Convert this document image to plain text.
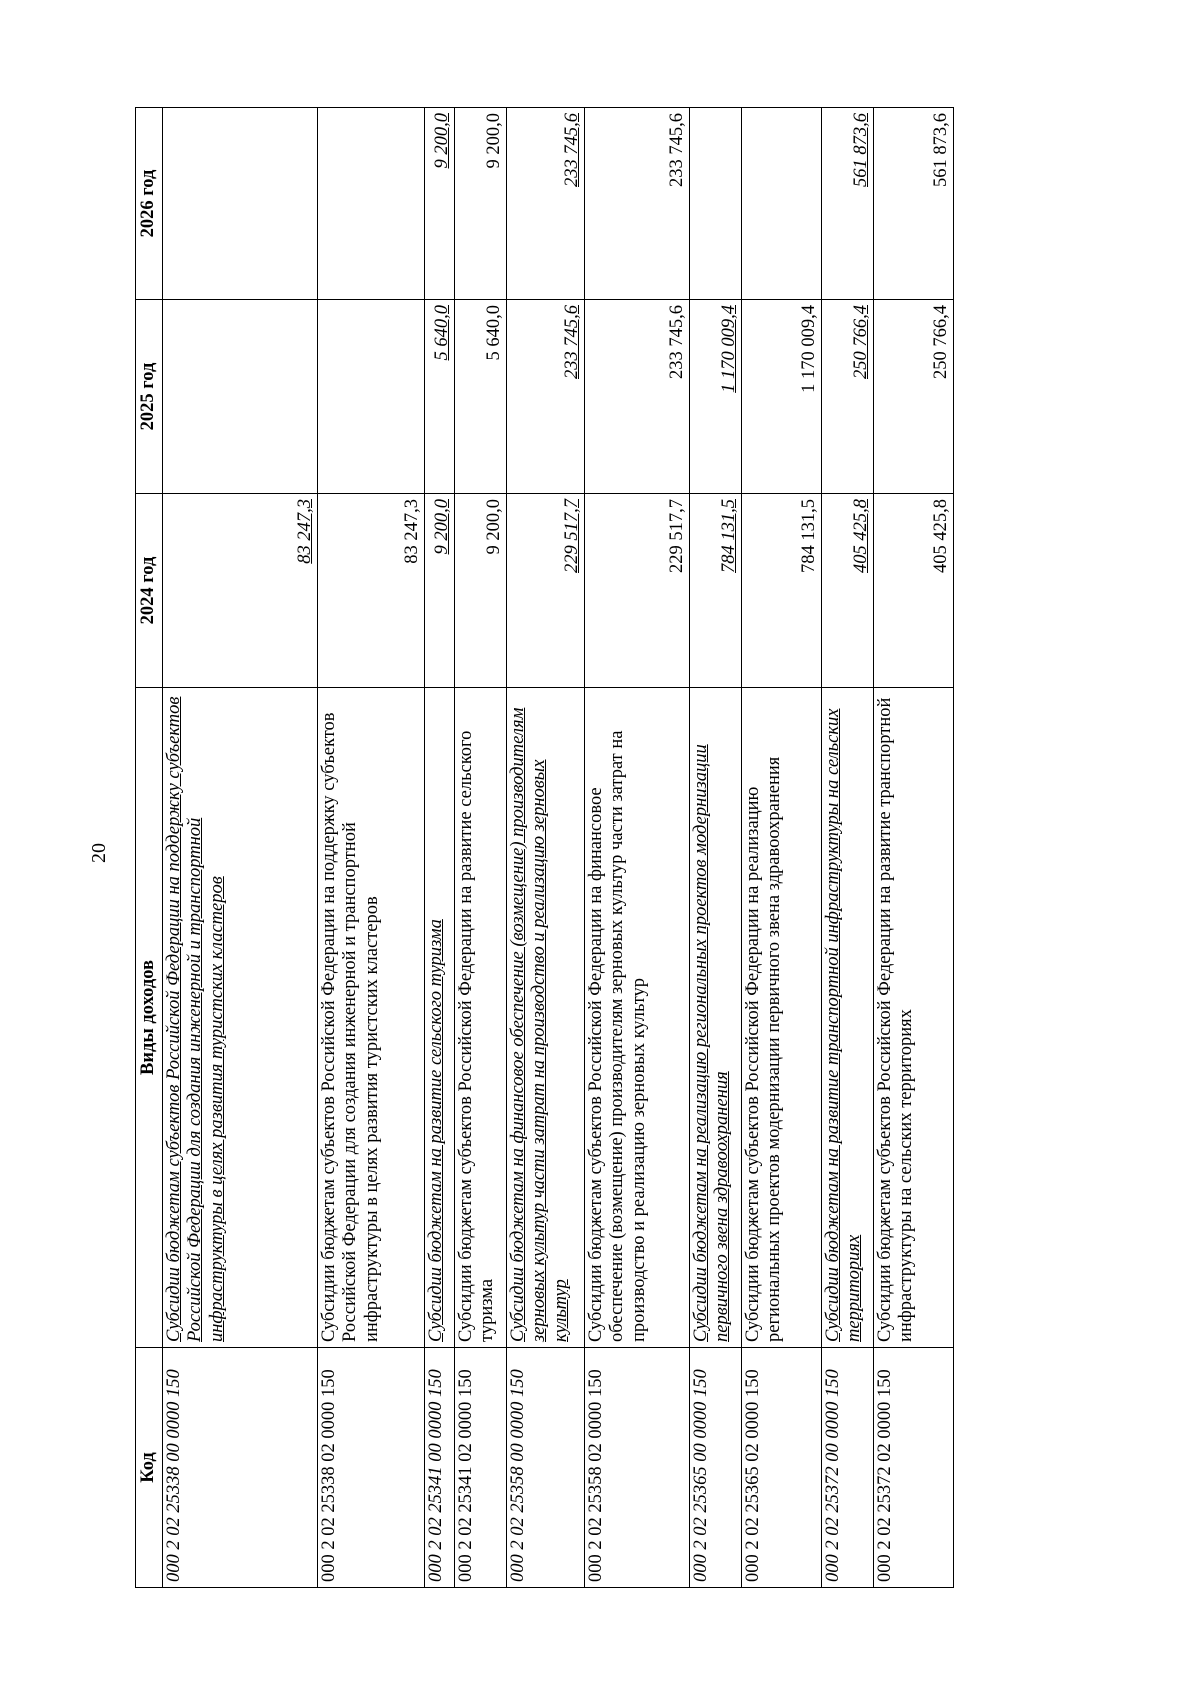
20
Код	Виды доходов	2024 год	2025 год	2026 год
000 2 02 25338 00 0000 150	Субсидии бюджетам субъектов Российской Федерации на поддержку субъектов Российской Федерации для создания инженерной и транспортной инфраструктуры в целях развития туристских кластеров	83 247,3		
000 2 02 25338 02 0000 150	Субсидии бюджетам субъектов Российской Федерации на поддержку субъектов Российской Федерации для создания инженерной и транспортной инфраструктуры в целях развития туристских кластеров	83 247,3		
000 2 02 25341 00 0000 150	Субсидии бюджетам на развитие сельского туризма	9 200,0	5 640,0	9 200,0
000 2 02 25341 02 0000 150	Субсидии бюджетам субъектов Российской Федерации на развитие сельского туризма	9 200,0	5 640,0	9 200,0
000 2 02 25358 00 0000 150	Субсидии бюджетам на финансовое обеспечение (возмещение) производителям зерновых культур части затрат на производство и реализацию зерновых культур	229 517,7	233 745,6	233 745,6
000 2 02 25358 02 0000 150	Субсидии бюджетам субъектов Российской Федерации на финансовое обеспечение (возмещение) производителям зерновых культур части затрат на производство и реализацию зерновых культур	229 517,7	233 745,6	233 745,6
000 2 02 25365 00 0000 150	Субсидии бюджетам на реализацию региональных проектов модернизации первичного звена здравоохранения	784 131,5	1 170 009,4	
000 2 02 25365 02 0000 150	Субсидии бюджетам субъектов Российской Федерации на реализацию региональных проектов модернизации первичного звена здравоохранения	784 131,5	1 170 009,4	
000 2 02 25372 00 0000 150	Субсидии бюджетам на развитие транспортной инфраструктуры на сельских территориях	405 425,8	250 766,4	561 873,6
000 2 02 25372 02 0000 150	Субсидии бюджетам субъектов Российской Федерации на развитие транспортной инфраструктуры на сельских территориях	405 425,8	250 766,4	561 873,6
